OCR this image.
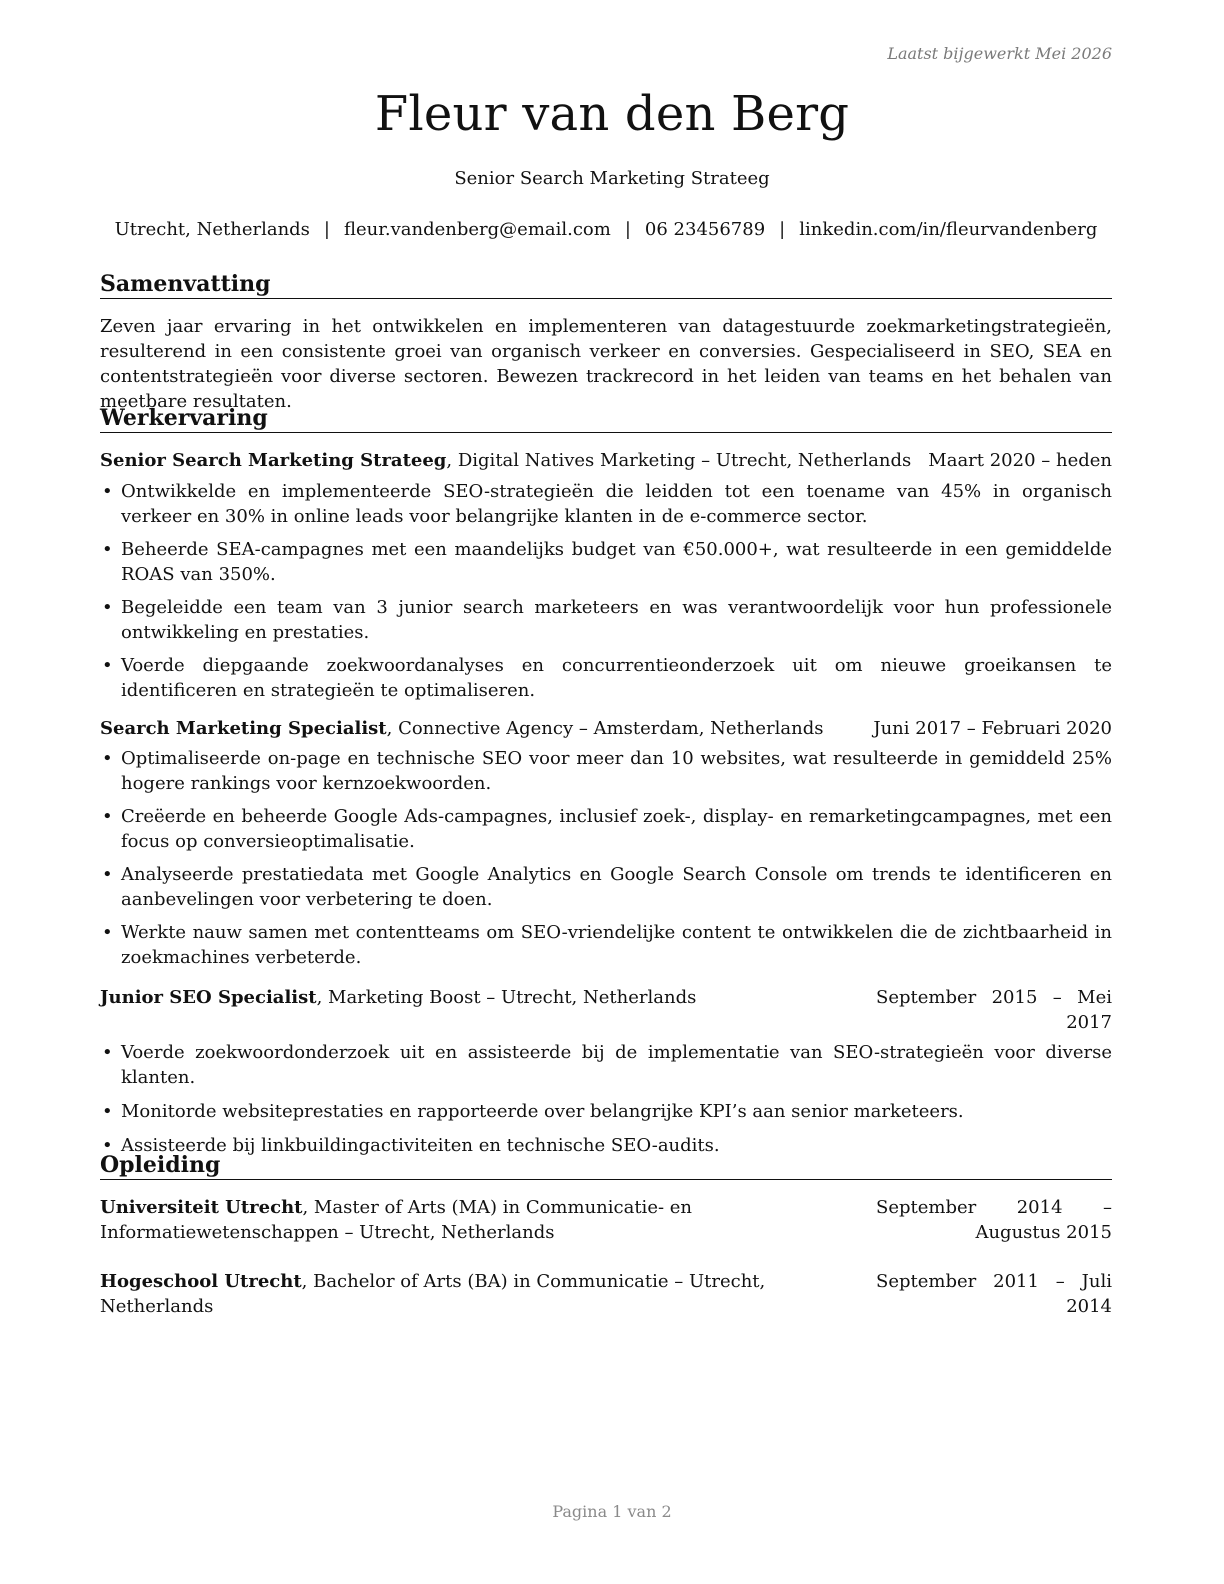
Laatst bijgewerkt Mei 2026
Fleur van den Berg
Senior Search Marketing Strateeg
Utrecht, Netherlands | fleur.vandenberg@email.com | 06 23456789 | linkedin.com/in/fleurvandenberg
Samenvatting
Zeven jaar ervaring in het ontwikkelen en implementeren van datagestuurde zoekmarketingstrategieën, resulterend in een consistente groei van organisch verkeer en conversies. Gespecialiseerd in SEO, SEA en contentstrategieën voor diverse sectoren. Bewezen trackrecord in het leiden van teams en het behalen van meetbare resultaten.
Werkervaring
Senior Search Marketing Strateeg, Digital Natives Marketing – Utrecht, Netherlands Maart 2020 – heden
• Ontwikkelde en implementeerde SEO-strategieën die leidden tot een toename van 45% in organisch verkeer en 30% in online leads voor belangrijke klanten in de e-commerce sector.
• Beheerde SEA-campagnes met een maandelijks budget van €50.000+, wat resulteerde in een gemiddelde ROAS van 350%.
• Begeleidde een team van 3 junior search marketeers en was verantwoordelijk voor hun professionele ontwikkeling en prestaties.
• Voerde diepgaande zoekwoordanalyses en concurrentieonderzoek uit om nieuwe groeikansen te identificeren en strategieën te optimaliseren.
Search Marketing Specialist, Connective Agency – Amsterdam, Netherlands	Juni 2017 – Februari 2020
• Optimaliseerde on-page en technische SEO voor meer dan 10 websites, wat resulteerde in gemiddeld 25% hogere rankings voor kernzoekwoorden.
• Creëerde en beheerde Google Ads-campagnes, inclusief zoek-, display- en remarketingcampagnes, met een focus op conversieoptimalisatie.
• Analyseerde prestatiedata met Google Analytics en Google Search Console om trends te identificeren en aanbevelingen voor verbetering te doen.
• Werkte nauw samen met contentteams om SEO-vriendelijke content te ontwikkelen die de zichtbaarheid in zoekmachines verbeterde.
Junior SEO Specialist, Marketing Boost – Utrecht, Netherlands	September 2015 – Mei 2017
• Voerde zoekwoordonderzoek uit en assisteerde bij de implementatie van SEO-strategieën voor diverse klanten.
• Monitorde websiteprestaties en rapporteerde over belangrijke KPI’s aan senior marketeers.
• Assisteerde bij linkbuildingactiviteiten en technische SEO-audits.
Opleiding
Universiteit Utrecht, Master of Arts (MA) in Communicatie- en Informatiewetenschappen – Utrecht, Netherlands
September 2014 – Augustus 2015
Hogeschool Utrecht, Bachelor of Arts (BA) in Communicatie – Utrecht, Netherlands
September 2011 – Juli 2014
Pagina 1 van 2
